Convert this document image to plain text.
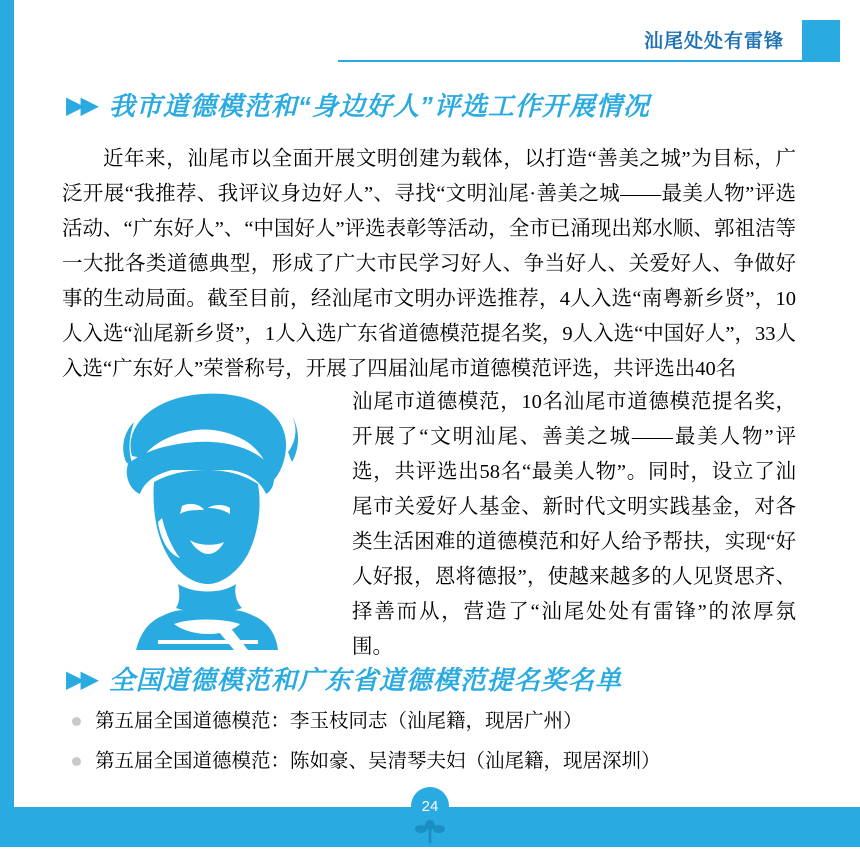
汕尾处处有雷锋
▶▶ 我市道德模范和“身边好人”评选工作开展情况
近年来，汕尾市以全面开展文明创建为载体，以打造“善美之城”为目标，广泛开展“我推荐、我评议身边好人”、寻找“文明汕尾·善美之城——最美人物”评选活动、“广东好人”、“中国好人”评选表彰等活动，全市已涌现出郑水顺、郭祖洁等一大批各类道德典型，形成了广大市民学习好人、争当好人、关爱好人、争做好事的生动局面。截至目前，经汕尾市文明办评选推荐，4人入选“南粤新乡贤”，10人入选“汕尾新乡贤”，1人入选广东省道德模范提名奖，9人入选“中国好人”，33人入选“广东好人”荣誉称号，开展了四届汕尾市道德模范评选，共评选出40名
汕尾市道德模范，10名汕尾市道德模范提名奖，开展了“文明汕尾、善美之城——最美人物”评选，共评选出58名“最美人物”。同时，设立了汕尾市关爱好人基金、新时代文明实践基金，对各类生活困难的道德模范和好人给予帮扶，实现“好人好报，恩将德报”，使越来越多的人见贤思齐、择善而从，营造了“汕尾处处有雷锋”的浓厚氛围。
▶▶ 全国道德模范和广东省道德模范提名奖名单
第五届全国道德模范：李玉枝同志（汕尾籍，现居广州）
第五届全国道德模范：陈如豪、吴清琴夫妇（汕尾籍，现居深圳）
24
